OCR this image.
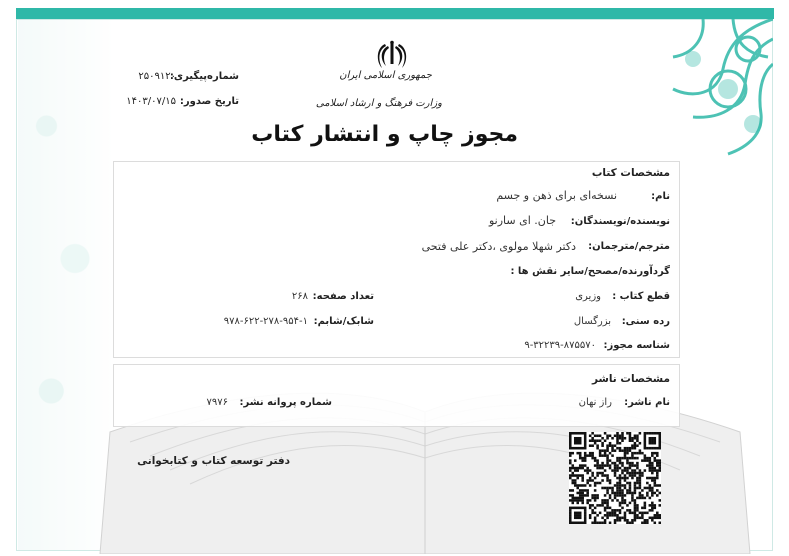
جمهوری اسلامی ایران
وزارت فرهنگ و ارشاد اسلامی
مجوز چاپ و انتشار کتاب
شماره‌پیگیری:
۲۵۰۹۱۲۰
تاریخ صدور:
۱۴۰۳/۰۷/۱۵
مشخصات کتاب
نام:
نسخه‌ای برای ذهن و جسم
نویسنده/نویسندگان:
جان. ای سارنو
مترجم/مترجمان:
دکتر شهلا مولوی ،دکتر علی فتحی
گردآورنده/مصحح/سایر نقش ها :
قطع کتاب :
وزیری
تعداد صفحه:
۲۶۸
رده سنی:
بزرگسال
شابک/شابم:
۹۷۸-۶۲۲-۲۷۸-۹۵۴-۱
شناسه مجوز:
۹-۳۲۲۳۹-۸۷۵۵۷۰
مشخصات ناشر
نام ناشر:
راز نهان
شماره پروانه نشر:
۷۹۷۶
دفتر توسعه کتاب و کتابخوانی
